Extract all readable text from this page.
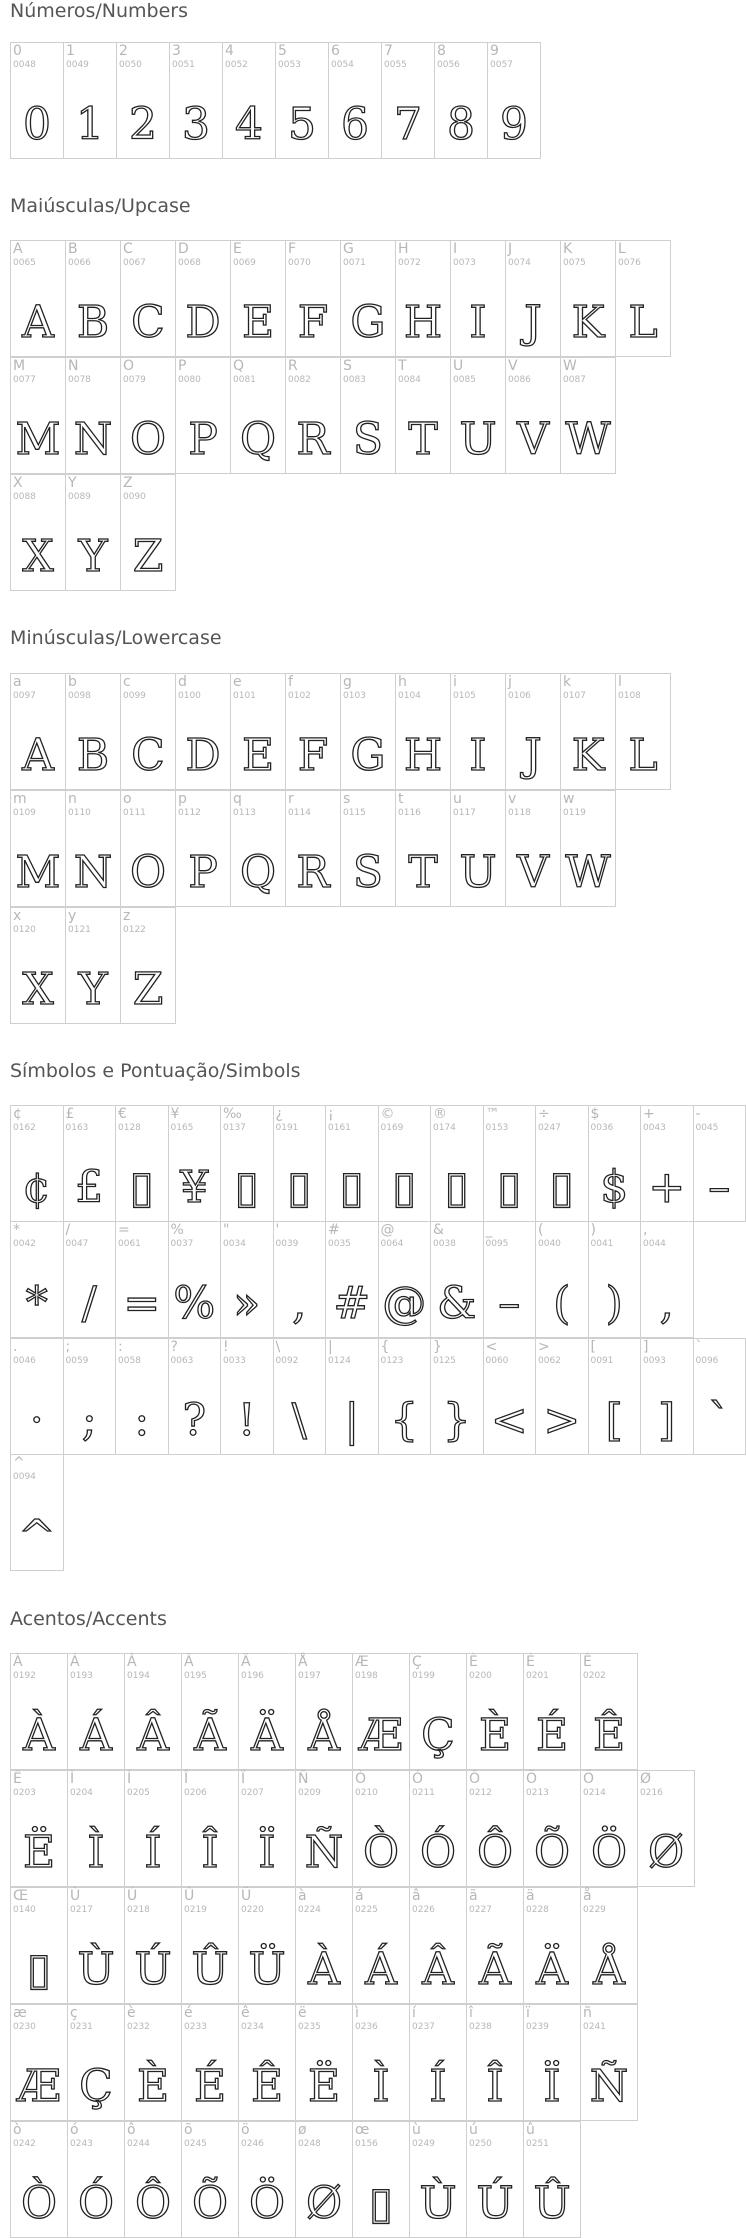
Números/Numbers
0
0048
0
1
0049
1
2
0050
2
3
0051
3
4
0052
4
5
0053
5
6
0054
6
7
0055
7
8
0056
8
9
0057
9
Maiúsculas/Upcase
A
0065
A
B
0066
B
C
0067
C
D
0068
D
E
0069
E
F
0070
F
G
0071
G
H
0072
H
I
0073
I
J
0074
J
K
0075
K
L
0076
L
M
0077
M
N
0078
N
O
0079
O
P
0080
P
Q
0081
Q
R
0082
R
S
0083
S
T
0084
T
U
0085
U
V
0086
V
W
0087
W
X
0088
X
Y
0089
Y
Z
0090
Z
Minúsculas/Lowercase
a
0097
A
b
0098
B
c
0099
C
d
0100
D
e
0101
E
f
0102
F
g
0103
G
h
0104
H
i
0105
I
j
0106
J
k
0107
K
l
0108
L
m
0109
M
n
0110
N
o
0111
O
p
0112
P
q
0113
Q
r
0114
R
s
0115
S
t
0116
T
u
0117
U
v
0118
V
w
0119
W
x
0120
X
y
0121
Y
z
0122
Z
Símbolos e Pontuação/Simbols
¢
0162
¢
£
0163
£
€
0128
▯
¥
0165
¥
‰
0137
▯
¿
0191
▯
¡
0161
▯
©
0169
▯
®
0174
▯
™
0153
▯
÷
0247
▯
$
0036
$
+
0043
+
-
0045
–
*
0042
*
/
0047
/
=
0061
=
%
0037
%
"
0034
»
'
0039
,
#
0035
#
@
0064
@
&
0038
&
_
0095
–
(
0040
(
)
0041
)
,
0044
,
.
0046
·
;
0059
;
:
0058
:
?
0063
?
!
0033
!
\
0092
\
|
0124
|
{
0123
{
}
0125
}
<
0060
<
>
0062
>
[
0091
[
]
0093
]
`
0096
`
^
0094
^
Acentos/Accents
À
0192
À
Á
0193
Á
Â
0194
Â
Ã
0195
Ã
Ä
0196
Ä
Å
0197
Å
Æ
0198
Æ
Ç
0199
Ç
È
0200
È
É
0201
É
Ê
0202
Ê
Ë
0203
Ë
Ì
0204
Ì
Í
0205
Í
Î
0206
Î
Ï
0207
Ï
Ñ
0209
Ñ
Ò
0210
Ò
Ó
0211
Ó
Ô
0212
Ô
Õ
0213
Õ
Ö
0214
Ö
Ø
0216
Ø
Œ
0140
▯
Ù
0217
Ù
Ú
0218
Ú
Û
0219
Û
Ü
0220
Ü
à
0224
À
á
0225
Á
â
0226
Â
ã
0227
Ã
ä
0228
Ä
å
0229
Å
æ
0230
Æ
ç
0231
Ç
è
0232
È
é
0233
É
ê
0234
Ê
ë
0235
Ë
ì
0236
Ì
í
0237
Í
î
0238
Î
ï
0239
Ï
ñ
0241
Ñ
ò
0242
Ò
ó
0243
Ó
ô
0244
Ô
õ
0245
Õ
ö
0246
Ö
ø
0248
Ø
œ
0156
▯
ù
0249
Ù
ú
0250
Ú
û
0251
Û
